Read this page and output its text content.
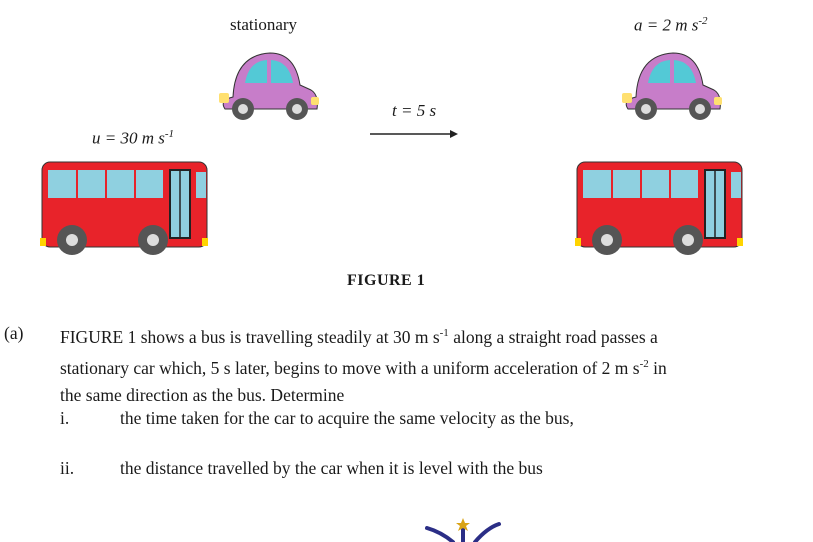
stationary	a = 2 m $s^{-2}$
u = 30 m $s^{-1}$
t = 5 s
FIGURE 1
(a) FIGURE 1 shows a bus is travelling steadily at 30 m $s^{-1}$ along a straight road passes a
stationary car which, 5 s later, begins to move with a uniform acceleration of 2 m $s^{-2}$ in
the same direction as the bus. Determine
i.	the time taken for the car to acquire the same velocity as the bus,
ii.	the distance travelled by the car when it is level with the bus
